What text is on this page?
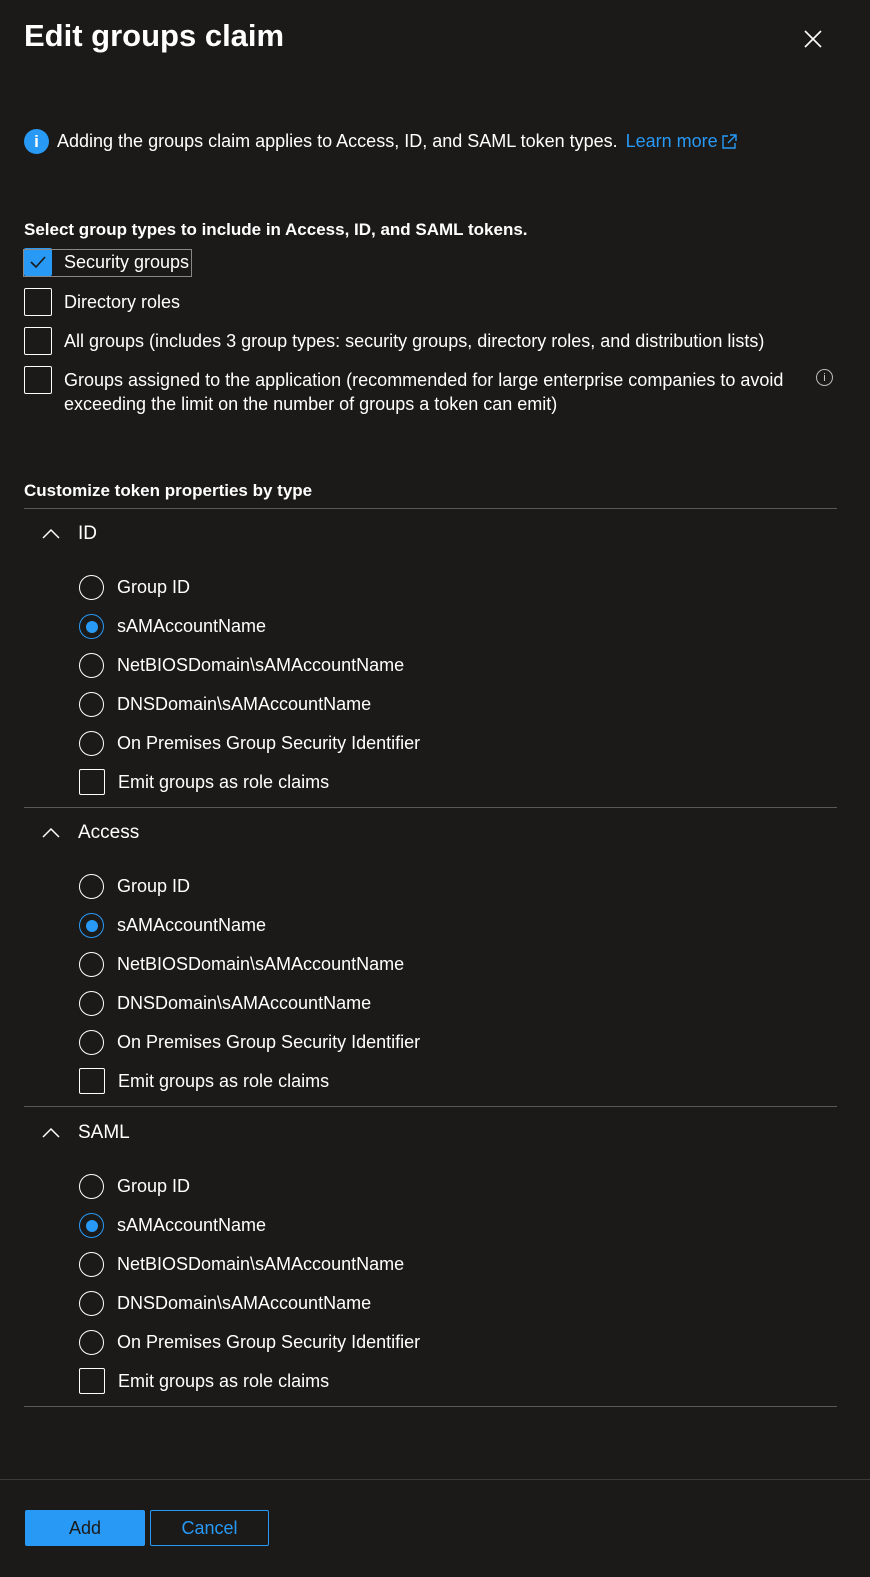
Edit groups claim
i	Adding the groups claim applies to Access, ID, and SAML token types. Learn more
Select group types to include in Access, ID, and SAML tokens.
Security groups
Directory roles
All groups (includes 3 group types: security groups, directory roles, and distribution lists)
Groups assigned to the application (recommended for large enterprise companies to avoid exceeding the limit on the number of groups a token can emit)
i
Customize token properties by type
ID
Group ID
sAMAccountName
NetBIOSDomain\sAMAccountName
DNSDomain\sAMAccountName
On Premises Group Security Identifier
Emit groups as role claims
Access
Group ID
sAMAccountName
NetBIOSDomain\sAMAccountName
DNSDomain\sAMAccountName
On Premises Group Security Identifier
Emit groups as role claims
SAML
Group ID
sAMAccountName
NetBIOSDomain\sAMAccountName
DNSDomain\sAMAccountName
On Premises Group Security Identifier
Emit groups as role claims
Add	Cancel
